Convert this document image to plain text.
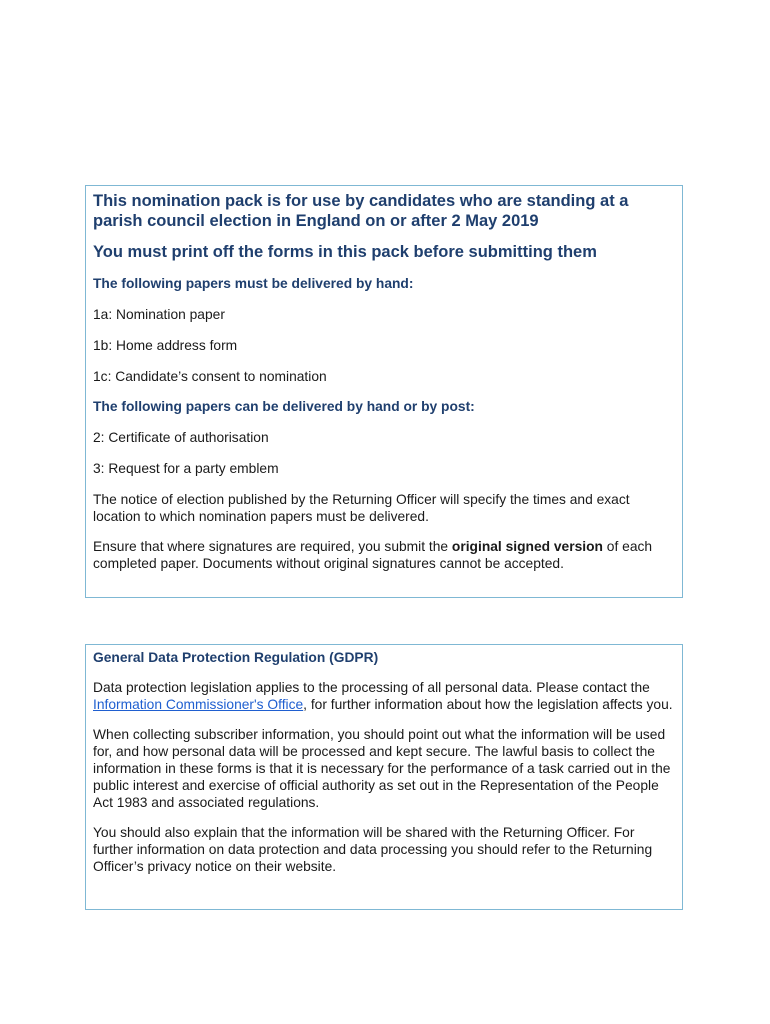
This nomination pack is for use by candidates who are standing at a parish council election in England on or after 2 May 2019

You must print off the forms in this pack before submitting them

The following papers must be delivered by hand:

1a: Nomination paper

1b: Home address form

1c: Candidate’s consent to nomination

The following papers can be delivered by hand or by post:

2: Certificate of authorisation

3: Request for a party emblem

The notice of election published by the Returning Officer will specify the times and exact location to which nomination papers must be delivered.

Ensure that where signatures are required, you submit the original signed version of each completed paper. Documents without original signatures cannot be accepted.

General Data Protection Regulation (GDPR)

Data protection legislation applies to the processing of all personal data. Please contact the Information Commissioner's Office, for further information about how the legislation affects you.

When collecting subscriber information, you should point out what the information will be used for, and how personal data will be processed and kept secure. The lawful basis to collect the information in these forms is that it is necessary for the performance of a task carried out in the public interest and exercise of official authority as set out in the Representation of the People Act 1983 and associated regulations.

You should also explain that the information will be shared with the Returning Officer. For further information on data protection and data processing you should refer to the Returning Officer’s privacy notice on their website.
